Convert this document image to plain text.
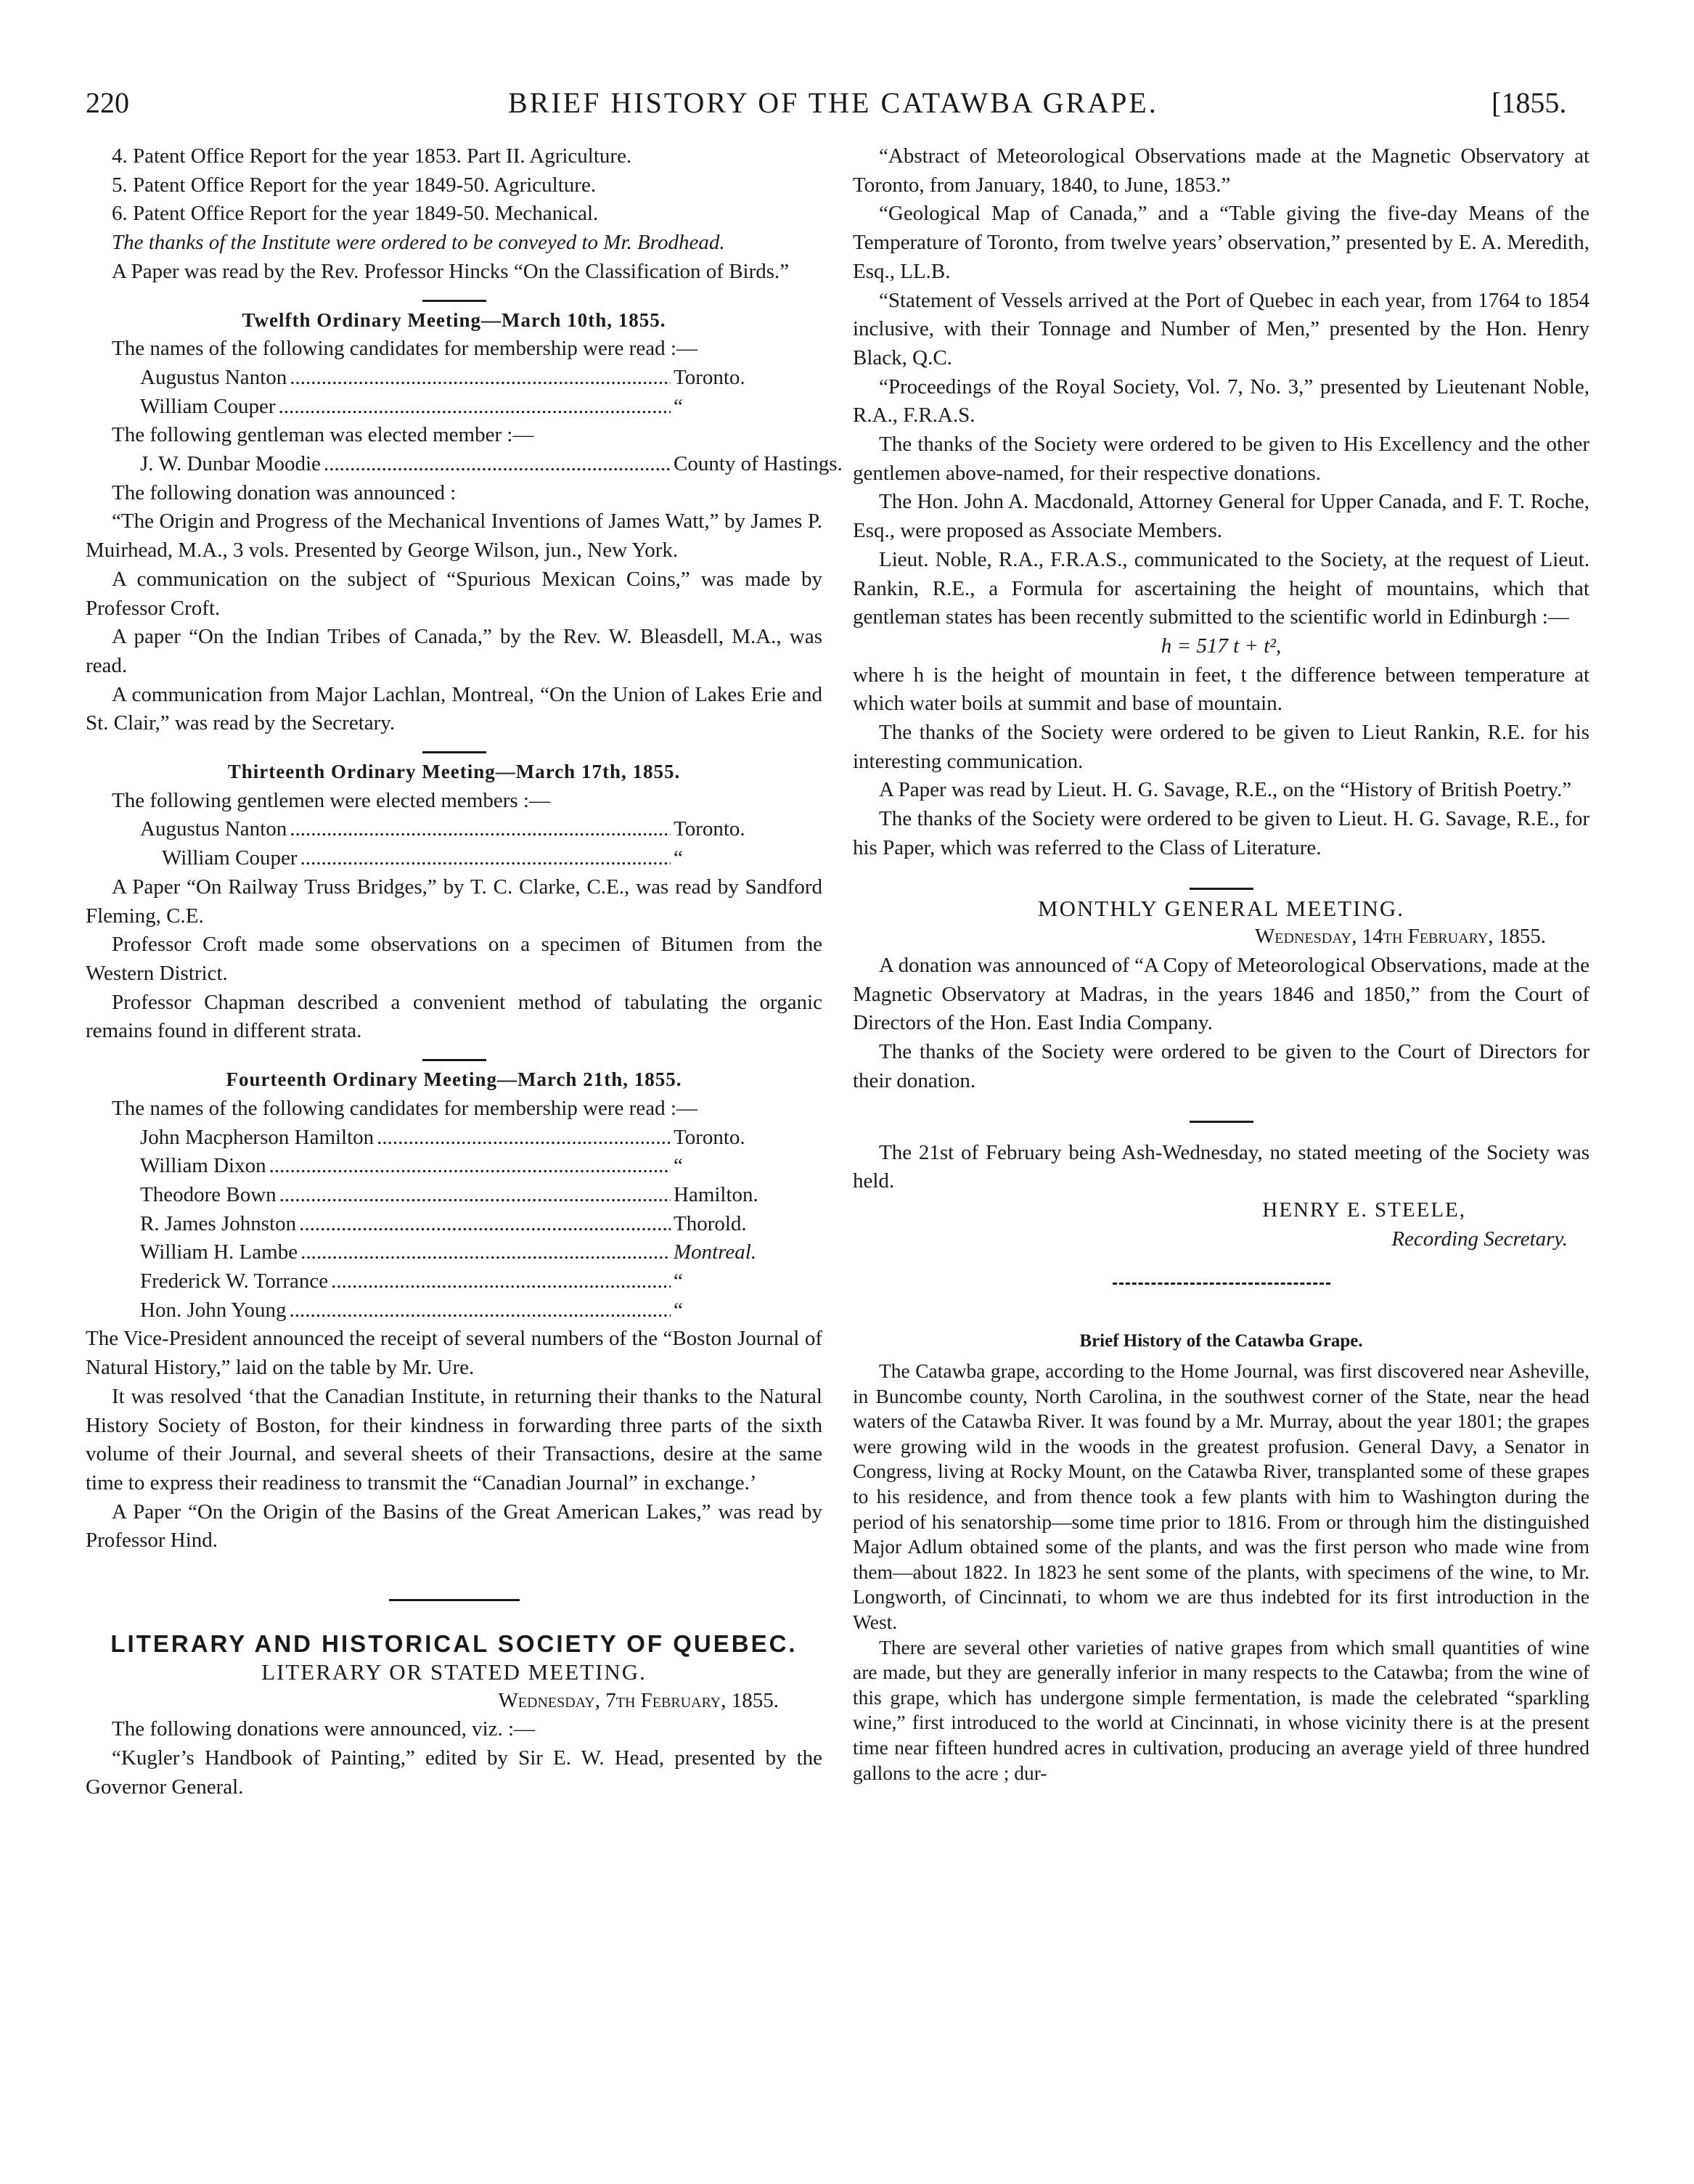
220	BRIEF HISTORY OF THE CATAWBA GRAPE.	[1855.

4. Patent Office Report for the year 1853. Part II. Agriculture.

5. Patent Office Report for the year 1849-50. Agriculture.

6. Patent Office Report for the year 1849-50. Mechanical.

The thanks of the Institute were ordered to be conveyed to Mr. Brodhead.

A Paper was read by the Rev. Professor Hincks “On the Classification of Birds.”

Twelfth Ordinary Meeting—March 10th, 1855.

The names of the following candidates for membership were read :—

Augustus Nanton .....	Toronto.
William Couper .....	“

The following gentleman was elected member :—

J. W. Dunbar Moodie .....	County of Hastings.

The following donation was announced :

“The Origin and Progress of the Mechanical Inventions of James Watt,” by James P. Muirhead, M.A., 3 vols. Presented by George Wilson, jun., New York.

A communication on the subject of “Spurious Mexican Coins,” was made by Professor Croft.

A paper “On the Indian Tribes of Canada,” by the Rev. W. Bleasdell, M.A., was read.

A communication from Major Lachlan, Montreal, “On the Union of Lakes Erie and St. Clair,” was read by the Secretary.

Thirteenth Ordinary Meeting—March 17th, 1855.

The following gentlemen were elected members :—

Augustus Nanton .....	Toronto.
William Couper .....	“

A Paper “On Railway Truss Bridges,” by T. C. Clarke, C.E., was read by Sandford Fleming, C.E.

Professor Croft made some observations on a specimen of Bitumen from the Western District.

Professor Chapman described a convenient method of tabulating the organic remains found in different strata.

Fourteenth Ordinary Meeting—March 21th, 1855.

The names of the following candidates for membership were read :—

John Macpherson Hamilton .....	Toronto.
William Dixon .....	“
Theodore Bown .....	Hamilton.
R. James Johnston .....	Thorold.
William H. Lambe .....	Montreal.
Frederick W. Torrance .....	“
Hon. John Young .....	“

The Vice-President announced the receipt of several numbers of the “Boston Journal of Natural History,” laid on the table by Mr. Ure.

It was resolved ‘that the Canadian Institute, in returning their thanks to the Natural History Society of Boston, for their kindness in forwarding three parts of the sixth volume of their Journal, and several sheets of their Transactions, desire at the same time to express their readiness to transmit the “Canadian Journal” in exchange.’

A Paper “On the Origin of the Basins of the Great American Lakes,” was read by Professor Hind.

LITERARY AND HISTORICAL SOCIETY OF QUEBEC.

LITERARY OR STATED MEETING.

Wednesday, 7th February, 1855.

The following donations were announced, viz. :—

“Kugler’s Handbook of Painting,” edited by Sir E. W. Head, presented by the Governor General.

“Abstract of Meteorological Observations made at the Magnetic Observatory at Toronto, from January, 1840, to June, 1853.”

“Geological Map of Canada,” and a “Table giving the five-day Means of the Temperature of Toronto, from twelve years’ observation,” presented by E. A. Meredith, Esq., LL.B.

“Statement of Vessels arrived at the Port of Quebec in each year, from 1764 to 1854 inclusive, with their Tonnage and Number of Men,” presented by the Hon. Henry Black, Q.C.

“Proceedings of the Royal Society, Vol. 7, No. 3,” presented by Lieutenant Noble, R.A., F.R.A.S.

The thanks of the Society were ordered to be given to His Excellency and the other gentlemen above-named, for their respective donations.

The Hon. John A. Macdonald, Attorney General for Upper Canada, and F. T. Roche, Esq., were proposed as Associate Members.

Lieut. Noble, R.A., F.R.A.S., communicated to the Society, at the request of Lieut. Rankin, R.E., a Formula for ascertaining the height of mountains, which that gentleman states has been recently submitted to the scientific world in Edinburgh :—

h = 517 t + t²,

where h is the height of mountain in feet, t the difference between temperature at which water boils at summit and base of mountain.

The thanks of the Society were ordered to be given to Lieut Rankin, R.E. for his interesting communication.

A Paper was read by Lieut. H. G. Savage, R.E., on the “History of British Poetry.”

The thanks of the Society were ordered to be given to Lieut. H. G. Savage, R.E., for his Paper, which was referred to the Class of Literature.

MONTHLY GENERAL MEETING.

Wednesday, 14th February, 1855.

A donation was announced of “A Copy of Meteorological Observations, made at the Magnetic Observatory at Madras, in the years 1846 and 1850,” from the Court of Directors of the Hon. East India Company.

The thanks of the Society were ordered to be given to the Court of Directors for their donation.

The 21st of February being Ash-Wednesday, no stated meeting of the Society was held.

HENRY E. STEELE,

Recording Secretary.

Brief History of the Catawba Grape.

The Catawba grape, according to the Home Journal, was first discovered near Asheville, in Buncombe county, North Carolina, in the southwest corner of the State, near the head waters of the Catawba River. It was found by a Mr. Murray, about the year 1801; the grapes were growing wild in the woods in the greatest profusion. General Davy, a Senator in Congress, living at Rocky Mount, on the Catawba River, transplanted some of these grapes to his residence, and from thence took a few plants with him to Washington during the period of his senatorship—some time prior to 1816. From or through him the distinguished Major Adlum obtained some of the plants, and was the first person who made wine from them—about 1822. In 1823 he sent some of the plants, with specimens of the wine, to Mr. Longworth, of Cincinnati, to whom we are thus indebted for its first introduction in the West.

There are several other varieties of native grapes from which small quantities of wine are made, but they are generally inferior in many respects to the Catawba; from the wine of this grape, which has undergone simple fermentation, is made the celebrated “sparkling wine,” first introduced to the world at Cincinnati, in whose vicinity there is at the present time near fifteen hundred acres in cultivation, producing an average yield of three hundred gallons to the acre ; dur-
